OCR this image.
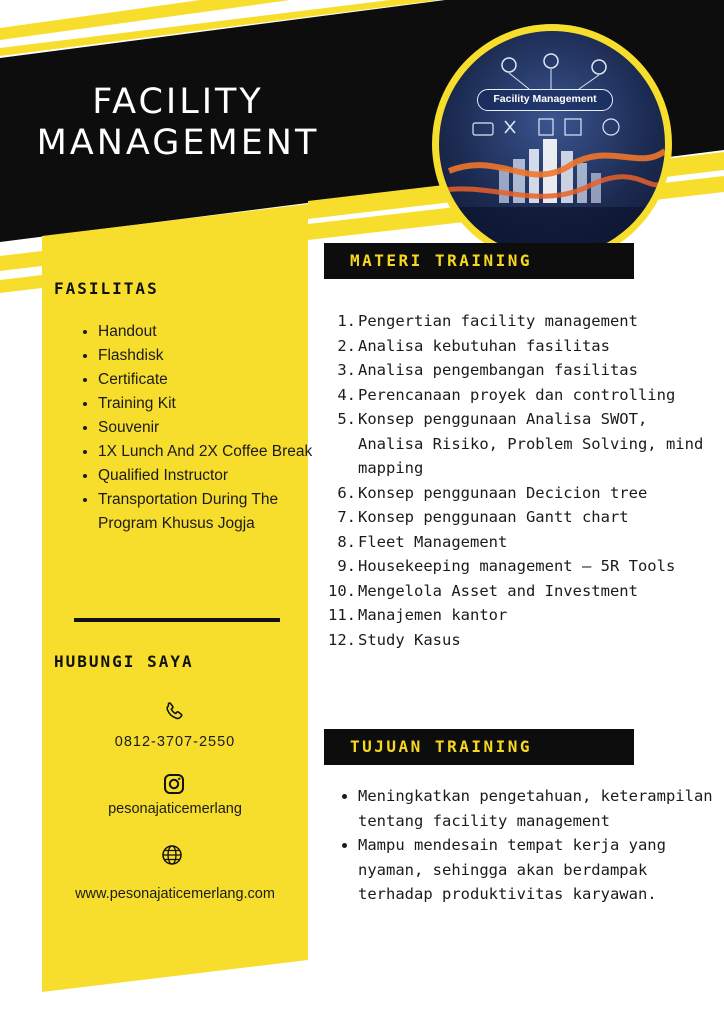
FACILITY
MANAGEMENT
Facility Management
FASILITAS
• Handout
• Flashdisk
• Certificate
• Training Kit
• Souvenir
• 1X Lunch And 2X Coffee Break
• Qualified Instructor
• Transportation During The Program Khusus Jogja
HUBUNGI SAYA
0812-3707-2550
pesonajaticemerlang
www.pesonajaticemerlang.com
MATERI TRAINING
1. Pengertian facility management
2. Analisa kebutuhan fasilitas
3. Analisa pengembangan fasilitas
4. Perencanaan proyek dan controlling
5. Konsep penggunaan Analisa SWOT, Analisa Risiko, Problem Solving, mind mapping
6. Konsep penggunaan Decicion tree
7. Konsep penggunaan Gantt chart
8. Fleet Management
9. Housekeeping management – 5R Tools
10. Mengelola Asset and Investment
11. Manajemen kantor
12. Study Kasus
TUJUAN TRAINING
• Meningkatkan pengetahuan, keterampilan tentang facility management
• Mampu mendesain tempat kerja yang nyaman, sehingga akan berdampak terhadap produktivitas karyawan.
